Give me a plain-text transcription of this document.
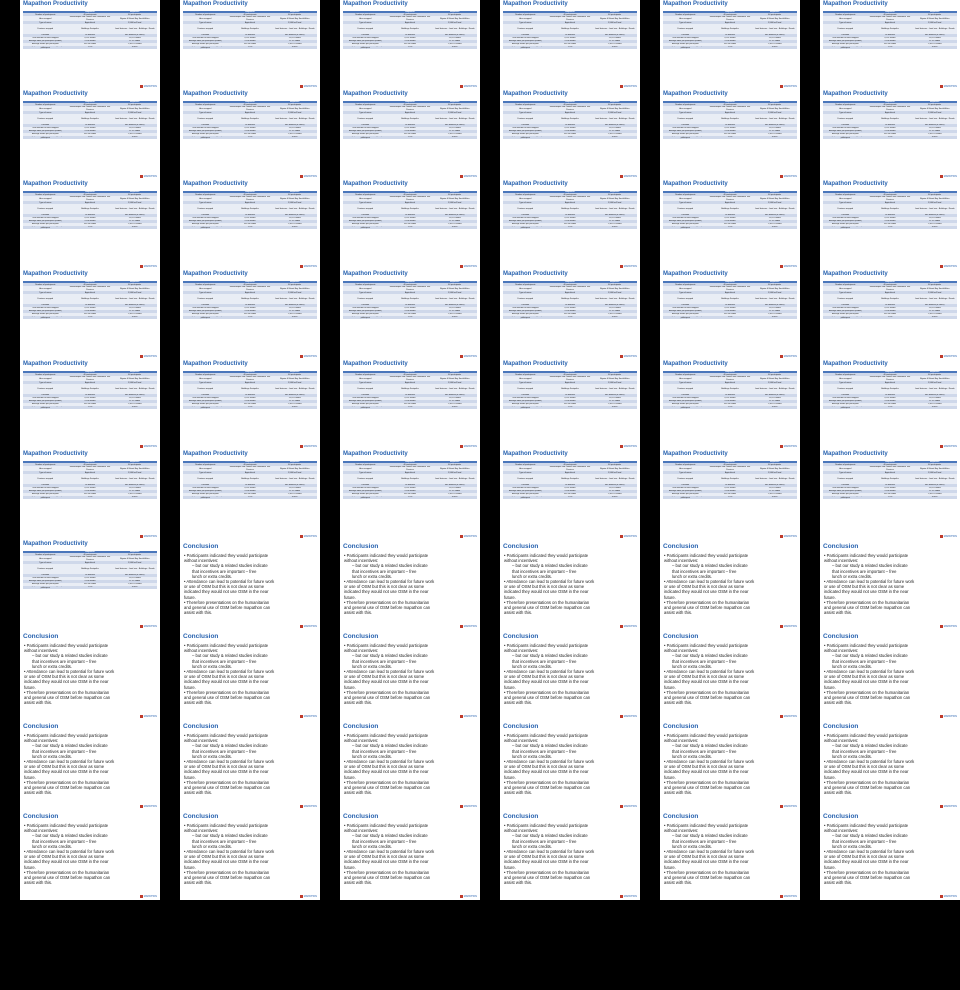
Mapathon Productivity
Mapathon	Mapathon
Number of participants	40 participants	60 participants
Area mapped
Mozambique and Zambia and Zimbabwe Tete Province
Nigeria & Mount Bay South Africa
Type of areas	Agricultural	3,500 km² land
Features mapped	Buildings Footpaths	Land features - Land use - Buildings - Roads
Duration	96 minutes	480 minutes (8 hours)
Total number of edits mapped	6,501 nodes	19,951 nodes
Average edits per participant (nodes)	91.06 nodes	97.51 nodes
Average nodes per participant	390.36 nodes	1,565.41 nodes
Average percentage of nodes mapped per participant
1.5%	0.46%
MAPATHON
Mapathon Productivity
Mapathon	Mapathon
Number of participants	40 participants	60 participants
Area mapped
Mozambique and Zambia and Zimbabwe Tete Province
Nigeria & Mount Bay South Africa
Type of areas	Agricultural	3,500 km² land
Features mapped	Buildings Footpaths	Land features - Land use - Buildings - Roads
Duration	96 minutes	480 minutes (8 hours)
Total number of edits mapped	6,501 nodes	19,951 nodes
Average edits per participant (nodes)	91.06 nodes	97.51 nodes
Average nodes per participant	390.36 nodes	1,565.41 nodes
Average percentage of nodes mapped per participant
1.5%	0.46%
MAPATHON
Mapathon Productivity
Mapathon	Mapathon
Number of participants	40 participants	60 participants
Area mapped
Mozambique and Zambia and Zimbabwe Tete Province
Nigeria & Mount Bay South Africa
Type of areas	Agricultural	3,500 km² land
Features mapped	Buildings Footpaths	Land features - Land use - Buildings - Roads
Duration	96 minutes	480 minutes (8 hours)
Total number of edits mapped	6,501 nodes	19,951 nodes
Average edits per participant (nodes)	91.06 nodes	97.51 nodes
Average nodes per participant	390.36 nodes	1,565.41 nodes
Average percentage of nodes mapped per participant
1.5%	0.46%
MAPATHON
Mapathon Productivity
Mapathon	Mapathon
Number of participants	40 participants	60 participants
Area mapped
Mozambique and Zambia and Zimbabwe Tete Province
Nigeria & Mount Bay South Africa
Type of areas	Agricultural	3,500 km² land
Features mapped	Buildings Footpaths	Land features - Land use - Buildings - Roads
Duration	96 minutes	480 minutes (8 hours)
Total number of edits mapped	6,501 nodes	19,951 nodes
Average edits per participant (nodes)	91.06 nodes	97.51 nodes
Average nodes per participant	390.36 nodes	1,565.41 nodes
Average percentage of nodes mapped per participant
1.5%	0.46%
MAPATHON
Mapathon Productivity
Mapathon	Mapathon
Number of participants	40 participants	60 participants
Area mapped
Mozambique and Zambia and Zimbabwe Tete Province
Nigeria & Mount Bay South Africa
Type of areas	Agricultural	3,500 km² land
Features mapped	Buildings Footpaths	Land features - Land use - Buildings - Roads
Duration	96 minutes	480 minutes (8 hours)
Total number of edits mapped	6,501 nodes	19,951 nodes
Average edits per participant (nodes)	91.06 nodes	97.51 nodes
Average nodes per participant	390.36 nodes	1,565.41 nodes
Average percentage of nodes mapped per participant
1.5%	0.46%
MAPATHON
Mapathon Productivity
Mapathon	Mapathon
Number of participants	40 participants	60 participants
Area mapped
Mozambique and Zambia and Zimbabwe Tete Province
Nigeria & Mount Bay South Africa
Type of areas	Agricultural	3,500 km² land
Features mapped	Buildings Footpaths	Land features - Land use - Buildings - Roads
Duration	96 minutes	480 minutes (8 hours)
Total number of edits mapped	6,501 nodes	19,951 nodes
Average edits per participant (nodes)	91.06 nodes	97.51 nodes
Average nodes per participant	390.36 nodes	1,565.41 nodes
Average percentage of nodes mapped per participant
1.5%	0.46%
MAPATHON
Mapathon Productivity
Mapathon	Mapathon
Number of participants	40 participants	60 participants
Area mapped
Mozambique and Zambia and Zimbabwe Tete Province
Nigeria & Mount Bay South Africa
Type of areas	Agricultural	3,500 km² land
Features mapped	Buildings Footpaths	Land features - Land use - Buildings - Roads
Duration	96 minutes	480 minutes (8 hours)
Total number of edits mapped	6,501 nodes	19,951 nodes
Average edits per participant (nodes)	91.06 nodes	97.51 nodes
Average nodes per participant	390.36 nodes	1,565.41 nodes
Average percentage of nodes mapped per participant
1.5%	0.46%
MAPATHON
Mapathon Productivity
Mapathon	Mapathon
Number of participants	40 participants	60 participants
Area mapped
Mozambique and Zambia and Zimbabwe Tete Province
Nigeria & Mount Bay South Africa
Type of areas	Agricultural	3,500 km² land
Features mapped	Buildings Footpaths	Land features - Land use - Buildings - Roads
Duration	96 minutes	480 minutes (8 hours)
Total number of edits mapped	6,501 nodes	19,951 nodes
Average edits per participant (nodes)	91.06 nodes	97.51 nodes
Average nodes per participant	390.36 nodes	1,565.41 nodes
Average percentage of nodes mapped per participant
1.5%	0.46%
MAPATHON
Mapathon Productivity
Mapathon	Mapathon
Number of participants	40 participants	60 participants
Area mapped
Mozambique and Zambia and Zimbabwe Tete Province
Nigeria & Mount Bay South Africa
Type of areas	Agricultural	3,500 km² land
Features mapped	Buildings Footpaths	Land features - Land use - Buildings - Roads
Duration	96 minutes	480 minutes (8 hours)
Total number of edits mapped	6,501 nodes	19,951 nodes
Average edits per participant (nodes)	91.06 nodes	97.51 nodes
Average nodes per participant	390.36 nodes	1,565.41 nodes
Average percentage of nodes mapped per participant
1.5%	0.46%
MAPATHON
Mapathon Productivity
Mapathon	Mapathon
Number of participants	40 participants	60 participants
Area mapped
Mozambique and Zambia and Zimbabwe Tete Province
Nigeria & Mount Bay South Africa
Type of areas	Agricultural	3,500 km² land
Features mapped	Buildings Footpaths	Land features - Land use - Buildings - Roads
Duration	96 minutes	480 minutes (8 hours)
Total number of edits mapped	6,501 nodes	19,951 nodes
Average edits per participant (nodes)	91.06 nodes	97.51 nodes
Average nodes per participant	390.36 nodes	1,565.41 nodes
Average percentage of nodes mapped per participant
1.5%	0.46%
MAPATHON
Mapathon Productivity
Mapathon	Mapathon
Number of participants	40 participants	60 participants
Area mapped
Mozambique and Zambia and Zimbabwe Tete Province
Nigeria & Mount Bay South Africa
Type of areas	Agricultural	3,500 km² land
Features mapped	Buildings Footpaths	Land features - Land use - Buildings - Roads
Duration	96 minutes	480 minutes (8 hours)
Total number of edits mapped	6,501 nodes	19,951 nodes
Average edits per participant (nodes)	91.06 nodes	97.51 nodes
Average nodes per participant	390.36 nodes	1,565.41 nodes
Average percentage of nodes mapped per participant
1.5%	0.46%
MAPATHON
Mapathon Productivity
Mapathon	Mapathon
Number of participants	40 participants	60 participants
Area mapped
Mozambique and Zambia and Zimbabwe Tete Province
Nigeria & Mount Bay South Africa
Type of areas	Agricultural	3,500 km² land
Features mapped	Buildings Footpaths	Land features - Land use - Buildings - Roads
Duration	96 minutes	480 minutes (8 hours)
Total number of edits mapped	6,501 nodes	19,951 nodes
Average edits per participant (nodes)	91.06 nodes	97.51 nodes
Average nodes per participant	390.36 nodes	1,565.41 nodes
Average percentage of nodes mapped per participant
1.5%	0.46%
MAPATHON
Mapathon Productivity
Mapathon	Mapathon
Number of participants	40 participants	60 participants
Area mapped
Mozambique and Zambia and Zimbabwe Tete Province
Nigeria & Mount Bay South Africa
Type of areas	Agricultural	3,500 km² land
Features mapped	Buildings Footpaths	Land features - Land use - Buildings - Roads
Duration	96 minutes	480 minutes (8 hours)
Total number of edits mapped	6,501 nodes	19,951 nodes
Average edits per participant (nodes)	91.06 nodes	97.51 nodes
Average nodes per participant	390.36 nodes	1,565.41 nodes
Average percentage of nodes mapped per participant
1.5%	0.46%
MAPATHON
Mapathon Productivity
Mapathon	Mapathon
Number of participants	40 participants	60 participants
Area mapped
Mozambique and Zambia and Zimbabwe Tete Province
Nigeria & Mount Bay South Africa
Type of areas	Agricultural	3,500 km² land
Features mapped	Buildings Footpaths	Land features - Land use - Buildings - Roads
Duration	96 minutes	480 minutes (8 hours)
Total number of edits mapped	6,501 nodes	19,951 nodes
Average edits per participant (nodes)	91.06 nodes	97.51 nodes
Average nodes per participant	390.36 nodes	1,565.41 nodes
Average percentage of nodes mapped per participant
1.5%	0.46%
MAPATHON
Mapathon Productivity
Mapathon	Mapathon
Number of participants	40 participants	60 participants
Area mapped
Mozambique and Zambia and Zimbabwe Tete Province
Nigeria & Mount Bay South Africa
Type of areas	Agricultural	3,500 km² land
Features mapped	Buildings Footpaths	Land features - Land use - Buildings - Roads
Duration	96 minutes	480 minutes (8 hours)
Total number of edits mapped	6,501 nodes	19,951 nodes
Average edits per participant (nodes)	91.06 nodes	97.51 nodes
Average nodes per participant	390.36 nodes	1,565.41 nodes
Average percentage of nodes mapped per participant
1.5%	0.46%
MAPATHON
Mapathon Productivity
Mapathon	Mapathon
Number of participants	40 participants	60 participants
Area mapped
Mozambique and Zambia and Zimbabwe Tete Province
Nigeria & Mount Bay South Africa
Type of areas	Agricultural	3,500 km² land
Features mapped	Buildings Footpaths	Land features - Land use - Buildings - Roads
Duration	96 minutes	480 minutes (8 hours)
Total number of edits mapped	6,501 nodes	19,951 nodes
Average edits per participant (nodes)	91.06 nodes	97.51 nodes
Average nodes per participant	390.36 nodes	1,565.41 nodes
Average percentage of nodes mapped per participant
1.5%	0.46%
MAPATHON
Mapathon Productivity
Mapathon	Mapathon
Number of participants	40 participants	60 participants
Area mapped
Mozambique and Zambia and Zimbabwe Tete Province
Nigeria & Mount Bay South Africa
Type of areas	Agricultural	3,500 km² land
Features mapped	Buildings Footpaths	Land features - Land use - Buildings - Roads
Duration	96 minutes	480 minutes (8 hours)
Total number of edits mapped	6,501 nodes	19,951 nodes
Average edits per participant (nodes)	91.06 nodes	97.51 nodes
Average nodes per participant	390.36 nodes	1,565.41 nodes
Average percentage of nodes mapped per participant
1.5%	0.46%
MAPATHON
Mapathon Productivity
Mapathon	Mapathon
Number of participants	40 participants	60 participants
Area mapped
Mozambique and Zambia and Zimbabwe Tete Province
Nigeria & Mount Bay South Africa
Type of areas	Agricultural	3,500 km² land
Features mapped	Buildings Footpaths	Land features - Land use - Buildings - Roads
Duration	96 minutes	480 minutes (8 hours)
Total number of edits mapped	6,501 nodes	19,951 nodes
Average edits per participant (nodes)	91.06 nodes	97.51 nodes
Average nodes per participant	390.36 nodes	1,565.41 nodes
Average percentage of nodes mapped per participant
1.5%	0.46%
MAPATHON
Mapathon Productivity
Mapathon	Mapathon
Number of participants	40 participants	60 participants
Area mapped
Mozambique and Zambia and Zimbabwe Tete Province
Nigeria & Mount Bay South Africa
Type of areas	Agricultural	3,500 km² land
Features mapped	Buildings Footpaths	Land features - Land use - Buildings - Roads
Duration	96 minutes	480 minutes (8 hours)
Total number of edits mapped	6,501 nodes	19,951 nodes
Average edits per participant (nodes)	91.06 nodes	97.51 nodes
Average nodes per participant	390.36 nodes	1,565.41 nodes
Average percentage of nodes mapped per participant
1.5%	0.46%
MAPATHON
Mapathon Productivity
Mapathon	Mapathon
Number of participants	40 participants	60 participants
Area mapped
Mozambique and Zambia and Zimbabwe Tete Province
Nigeria & Mount Bay South Africa
Type of areas	Agricultural	3,500 km² land
Features mapped	Buildings Footpaths	Land features - Land use - Buildings - Roads
Duration	96 minutes	480 minutes (8 hours)
Total number of edits mapped	6,501 nodes	19,951 nodes
Average edits per participant (nodes)	91.06 nodes	97.51 nodes
Average nodes per participant	390.36 nodes	1,565.41 nodes
Average percentage of nodes mapped per participant
1.5%	0.46%
MAPATHON
Mapathon Productivity
Mapathon	Mapathon
Number of participants	40 participants	60 participants
Area mapped
Mozambique and Zambia and Zimbabwe Tete Province
Nigeria & Mount Bay South Africa
Type of areas	Agricultural	3,500 km² land
Features mapped	Buildings Footpaths	Land features - Land use - Buildings - Roads
Duration	96 minutes	480 minutes (8 hours)
Total number of edits mapped	6,501 nodes	19,951 nodes
Average edits per participant (nodes)	91.06 nodes	97.51 nodes
Average nodes per participant	390.36 nodes	1,565.41 nodes
Average percentage of nodes mapped per participant
1.5%	0.46%
MAPATHON
Mapathon Productivity
Mapathon	Mapathon
Number of participants	40 participants	60 participants
Area mapped
Mozambique and Zambia and Zimbabwe Tete Province
Nigeria & Mount Bay South Africa
Type of areas	Agricultural	3,500 km² land
Features mapped	Buildings Footpaths	Land features - Land use - Buildings - Roads
Duration	96 minutes	480 minutes (8 hours)
Total number of edits mapped	6,501 nodes	19,951 nodes
Average edits per participant (nodes)	91.06 nodes	97.51 nodes
Average nodes per participant	390.36 nodes	1,565.41 nodes
Average percentage of nodes mapped per participant
1.5%	0.46%
MAPATHON
Mapathon Productivity
Mapathon	Mapathon
Number of participants	40 participants	60 participants
Area mapped
Mozambique and Zambia and Zimbabwe Tete Province
Nigeria & Mount Bay South Africa
Type of areas	Agricultural	3,500 km² land
Features mapped	Buildings Footpaths	Land features - Land use - Buildings - Roads
Duration	96 minutes	480 minutes (8 hours)
Total number of edits mapped	6,501 nodes	19,951 nodes
Average edits per participant (nodes)	91.06 nodes	97.51 nodes
Average nodes per participant	390.36 nodes	1,565.41 nodes
Average percentage of nodes mapped per participant
1.5%	0.46%
MAPATHON
Mapathon Productivity
Mapathon	Mapathon
Number of participants	40 participants	60 participants
Area mapped
Mozambique and Zambia and Zimbabwe Tete Province
Nigeria & Mount Bay South Africa
Type of areas	Agricultural	3,500 km² land
Features mapped	Buildings Footpaths	Land features - Land use - Buildings - Roads
Duration	96 minutes	480 minutes (8 hours)
Total number of edits mapped	6,501 nodes	19,951 nodes
Average edits per participant (nodes)	91.06 nodes	97.51 nodes
Average nodes per participant	390.36 nodes	1,565.41 nodes
Average percentage of nodes mapped per participant
1.5%	0.46%
MAPATHON
Mapathon Productivity
Mapathon	Mapathon
Number of participants	40 participants	60 participants
Area mapped
Mozambique and Zambia and Zimbabwe Tete Province
Nigeria & Mount Bay South Africa
Type of areas	Agricultural	3,500 km² land
Features mapped	Buildings Footpaths	Land features - Land use - Buildings - Roads
Duration	96 minutes	480 minutes (8 hours)
Total number of edits mapped	6,501 nodes	19,951 nodes
Average edits per participant (nodes)	91.06 nodes	97.51 nodes
Average nodes per participant	390.36 nodes	1,565.41 nodes
Average percentage of nodes mapped per participant
1.5%	0.46%
MAPATHON
Mapathon Productivity
Mapathon	Mapathon
Number of participants	40 participants	60 participants
Area mapped
Mozambique and Zambia and Zimbabwe Tete Province
Nigeria & Mount Bay South Africa
Type of areas	Agricultural	3,500 km² land
Features mapped	Buildings Footpaths	Land features - Land use - Buildings - Roads
Duration	96 minutes	480 minutes (8 hours)
Total number of edits mapped	6,501 nodes	19,951 nodes
Average edits per participant (nodes)	91.06 nodes	97.51 nodes
Average nodes per participant	390.36 nodes	1,565.41 nodes
Average percentage of nodes mapped per participant
1.5%	0.46%
MAPATHON
Mapathon Productivity
Mapathon	Mapathon
Number of participants	40 participants	60 participants
Area mapped
Mozambique and Zambia and Zimbabwe Tete Province
Nigeria & Mount Bay South Africa
Type of areas	Agricultural	3,500 km² land
Features mapped	Buildings Footpaths	Land features - Land use - Buildings - Roads
Duration	96 minutes	480 minutes (8 hours)
Total number of edits mapped	6,501 nodes	19,951 nodes
Average edits per participant (nodes)	91.06 nodes	97.51 nodes
Average nodes per participant	390.36 nodes	1,565.41 nodes
Average percentage of nodes mapped per participant
1.5%	0.46%
MAPATHON
Mapathon Productivity
Mapathon	Mapathon
Number of participants	40 participants	60 participants
Area mapped
Mozambique and Zambia and Zimbabwe Tete Province
Nigeria & Mount Bay South Africa
Type of areas	Agricultural	3,500 km² land
Features mapped	Buildings Footpaths	Land features - Land use - Buildings - Roads
Duration	96 minutes	480 minutes (8 hours)
Total number of edits mapped	6,501 nodes	19,951 nodes
Average edits per participant (nodes)	91.06 nodes	97.51 nodes
Average nodes per participant	390.36 nodes	1,565.41 nodes
Average percentage of nodes mapped per participant
1.5%	0.46%
MAPATHON
Mapathon Productivity
Mapathon	Mapathon
Number of participants	40 participants	60 participants
Area mapped
Mozambique and Zambia and Zimbabwe Tete Province
Nigeria & Mount Bay South Africa
Type of areas	Agricultural	3,500 km² land
Features mapped	Buildings Footpaths	Land features - Land use - Buildings - Roads
Duration	96 minutes	480 minutes (8 hours)
Total number of edits mapped	6,501 nodes	19,951 nodes
Average edits per participant (nodes)	91.06 nodes	97.51 nodes
Average nodes per participant	390.36 nodes	1,565.41 nodes
Average percentage of nodes mapped per participant
1.5%	0.46%
MAPATHON
Mapathon Productivity
Mapathon	Mapathon
Number of participants	40 participants	60 participants
Area mapped
Mozambique and Zambia and Zimbabwe Tete Province
Nigeria & Mount Bay South Africa
Type of areas	Agricultural	3,500 km² land
Features mapped	Buildings Footpaths	Land features - Land use - Buildings - Roads
Duration	96 minutes	480 minutes (8 hours)
Total number of edits mapped	6,501 nodes	19,951 nodes
Average edits per participant (nodes)	91.06 nodes	97.51 nodes
Average nodes per participant	390.36 nodes	1,565.41 nodes
Average percentage of nodes mapped per participant
1.5%	0.46%
MAPATHON
Mapathon Productivity
Mapathon	Mapathon
Number of participants	40 participants	60 participants
Area mapped
Mozambique and Zambia and Zimbabwe Tete Province
Nigeria & Mount Bay South Africa
Type of areas	Agricultural	3,500 km² land
Features mapped	Buildings Footpaths	Land features - Land use - Buildings - Roads
Duration	96 minutes	480 minutes (8 hours)
Total number of edits mapped	6,501 nodes	19,951 nodes
Average edits per participant (nodes)	91.06 nodes	97.51 nodes
Average nodes per participant	390.36 nodes	1,565.41 nodes
Average percentage of nodes mapped per participant
1.5%	0.46%
MAPATHON
Mapathon Productivity
Mapathon	Mapathon
Number of participants	40 participants	60 participants
Area mapped
Mozambique and Zambia and Zimbabwe Tete Province
Nigeria & Mount Bay South Africa
Type of areas	Agricultural	3,500 km² land
Features mapped	Buildings Footpaths	Land features - Land use - Buildings - Roads
Duration	96 minutes	480 minutes (8 hours)
Total number of edits mapped	6,501 nodes	19,951 nodes
Average edits per participant (nodes)	91.06 nodes	97.51 nodes
Average nodes per participant	390.36 nodes	1,565.41 nodes
Average percentage of nodes mapped per participant
1.5%	0.46%
MAPATHON
Mapathon Productivity
Mapathon	Mapathon
Number of participants	40 participants	60 participants
Area mapped
Mozambique and Zambia and Zimbabwe Tete Province
Nigeria & Mount Bay South Africa
Type of areas	Agricultural	3,500 km² land
Features mapped	Buildings Footpaths	Land features - Land use - Buildings - Roads
Duration	96 minutes	480 minutes (8 hours)
Total number of edits mapped	6,501 nodes	19,951 nodes
Average edits per participant (nodes)	91.06 nodes	97.51 nodes
Average nodes per participant	390.36 nodes	1,565.41 nodes
Average percentage of nodes mapped per participant
1.5%	0.46%
MAPATHON
Mapathon Productivity
Mapathon	Mapathon
Number of participants	40 participants	60 participants
Area mapped
Mozambique and Zambia and Zimbabwe Tete Province
Nigeria & Mount Bay South Africa
Type of areas	Agricultural	3,500 km² land
Features mapped	Buildings Footpaths	Land features - Land use - Buildings - Roads
Duration	96 minutes	480 minutes (8 hours)
Total number of edits mapped	6,501 nodes	19,951 nodes
Average edits per participant (nodes)	91.06 nodes	97.51 nodes
Average nodes per participant	390.36 nodes	1,565.41 nodes
Average percentage of nodes mapped per participant
1.5%	0.46%
MAPATHON
Mapathon Productivity
Mapathon	Mapathon
Number of participants	40 participants	60 participants
Area mapped
Mozambique and Zambia and Zimbabwe Tete Province
Nigeria & Mount Bay South Africa
Type of areas	Agricultural	3,500 km² land
Features mapped	Buildings Footpaths	Land features - Land use - Buildings - Roads
Duration	96 minutes	480 minutes (8 hours)
Total number of edits mapped	6,501 nodes	19,951 nodes
Average edits per participant (nodes)	91.06 nodes	97.51 nodes
Average nodes per participant	390.36 nodes	1,565.41 nodes
Average percentage of nodes mapped per participant
1.5%	0.46%
MAPATHON
Mapathon Productivity
Mapathon	Mapathon
Number of participants	40 participants	60 participants
Area mapped
Mozambique and Zambia and Zimbabwe Tete Province
Nigeria & Mount Bay South Africa
Type of areas	Agricultural	3,500 km² land
Features mapped	Buildings Footpaths	Land features - Land use - Buildings - Roads
Duration	96 minutes	480 minutes (8 hours)
Total number of edits mapped	6,501 nodes	19,951 nodes
Average edits per participant (nodes)	91.06 nodes	97.51 nodes
Average nodes per participant	390.36 nodes	1,565.41 nodes
Average percentage of nodes mapped per participant
1.5%	0.46%
MAPATHON
Mapathon Productivity
Mapathon	Mapathon
Number of participants	40 participants	60 participants
Area mapped
Mozambique and Zambia and Zimbabwe Tete Province
Nigeria & Mount Bay South Africa
Type of areas	Agricultural	3,500 km² land
Features mapped	Buildings Footpaths	Land features - Land use - Buildings - Roads
Duration	96 minutes	480 minutes (8 hours)
Total number of edits mapped	6,501 nodes	19,951 nodes
Average edits per participant (nodes)	91.06 nodes	97.51 nodes
Average nodes per participant	390.36 nodes	1,565.41 nodes
Average percentage of nodes mapped per participant
1.5%	0.46%
MAPATHON
Conclusion
• Participants indicated they would participate
without incentives:
– but our study & related studies indicate
that incentives are important – free
lunch or extra credits.
• Attendance can lead to potential for future work
or use of OSM but this is not clear as some
indicated they would not use OSM in the near
future.
• Therefore presentations on the humanitarian
and general use of OSM before mapathon can
assist with this.
MAPATHON
Conclusion
• Participants indicated they would participate
without incentives:
– but our study & related studies indicate
that incentives are important – free
lunch or extra credits.
• Attendance can lead to potential for future work
or use of OSM but this is not clear as some
indicated they would not use OSM in the near
future.
• Therefore presentations on the humanitarian
and general use of OSM before mapathon can
assist with this.
MAPATHON
Conclusion
• Participants indicated they would participate
without incentives:
– but our study & related studies indicate
that incentives are important – free
lunch or extra credits.
• Attendance can lead to potential for future work
or use of OSM but this is not clear as some
indicated they would not use OSM in the near
future.
• Therefore presentations on the humanitarian
and general use of OSM before mapathon can
assist with this.
MAPATHON
Conclusion
• Participants indicated they would participate
without incentives:
– but our study & related studies indicate
that incentives are important – free
lunch or extra credits.
• Attendance can lead to potential for future work
or use of OSM but this is not clear as some
indicated they would not use OSM in the near
future.
• Therefore presentations on the humanitarian
and general use of OSM before mapathon can
assist with this.
MAPATHON
Conclusion
• Participants indicated they would participate
without incentives:
– but our study & related studies indicate
that incentives are important – free
lunch or extra credits.
• Attendance can lead to potential for future work
or use of OSM but this is not clear as some
indicated they would not use OSM in the near
future.
• Therefore presentations on the humanitarian
and general use of OSM before mapathon can
assist with this.
MAPATHON
Conclusion
• Participants indicated they would participate
without incentives:
– but our study & related studies indicate
that incentives are important – free
lunch or extra credits.
• Attendance can lead to potential for future work
or use of OSM but this is not clear as some
indicated they would not use OSM in the near
future.
• Therefore presentations on the humanitarian
and general use of OSM before mapathon can
assist with this.
MAPATHON
Conclusion
• Participants indicated they would participate
without incentives:
– but our study & related studies indicate
that incentives are important – free
lunch or extra credits.
• Attendance can lead to potential for future work
or use of OSM but this is not clear as some
indicated they would not use OSM in the near
future.
• Therefore presentations on the humanitarian
and general use of OSM before mapathon can
assist with this.
MAPATHON
Conclusion
• Participants indicated they would participate
without incentives:
– but our study & related studies indicate
that incentives are important – free
lunch or extra credits.
• Attendance can lead to potential for future work
or use of OSM but this is not clear as some
indicated they would not use OSM in the near
future.
• Therefore presentations on the humanitarian
and general use of OSM before mapathon can
assist with this.
MAPATHON
Conclusion
• Participants indicated they would participate
without incentives:
– but our study & related studies indicate
that incentives are important – free
lunch or extra credits.
• Attendance can lead to potential for future work
or use of OSM but this is not clear as some
indicated they would not use OSM in the near
future.
• Therefore presentations on the humanitarian
and general use of OSM before mapathon can
assist with this.
MAPATHON
Conclusion
• Participants indicated they would participate
without incentives:
– but our study & related studies indicate
that incentives are important – free
lunch or extra credits.
• Attendance can lead to potential for future work
or use of OSM but this is not clear as some
indicated they would not use OSM in the near
future.
• Therefore presentations on the humanitarian
and general use of OSM before mapathon can
assist with this.
MAPATHON
Conclusion
• Participants indicated they would participate
without incentives:
– but our study & related studies indicate
that incentives are important – free
lunch or extra credits.
• Attendance can lead to potential for future work
or use of OSM but this is not clear as some
indicated they would not use OSM in the near
future.
• Therefore presentations on the humanitarian
and general use of OSM before mapathon can
assist with this.
MAPATHON
Conclusion
• Participants indicated they would participate
without incentives:
– but our study & related studies indicate
that incentives are important – free
lunch or extra credits.
• Attendance can lead to potential for future work
or use of OSM but this is not clear as some
indicated they would not use OSM in the near
future.
• Therefore presentations on the humanitarian
and general use of OSM before mapathon can
assist with this.
MAPATHON
Conclusion
• Participants indicated they would participate
without incentives:
– but our study & related studies indicate
that incentives are important – free
lunch or extra credits.
• Attendance can lead to potential for future work
or use of OSM but this is not clear as some
indicated they would not use OSM in the near
future.
• Therefore presentations on the humanitarian
and general use of OSM before mapathon can
assist with this.
MAPATHON
Conclusion
• Participants indicated they would participate
without incentives:
– but our study & related studies indicate
that incentives are important – free
lunch or extra credits.
• Attendance can lead to potential for future work
or use of OSM but this is not clear as some
indicated they would not use OSM in the near
future.
• Therefore presentations on the humanitarian
and general use of OSM before mapathon can
assist with this.
MAPATHON
Conclusion
• Participants indicated they would participate
without incentives:
– but our study & related studies indicate
that incentives are important – free
lunch or extra credits.
• Attendance can lead to potential for future work
or use of OSM but this is not clear as some
indicated they would not use OSM in the near
future.
• Therefore presentations on the humanitarian
and general use of OSM before mapathon can
assist with this.
MAPATHON
Conclusion
• Participants indicated they would participate
without incentives:
– but our study & related studies indicate
that incentives are important – free
lunch or extra credits.
• Attendance can lead to potential for future work
or use of OSM but this is not clear as some
indicated they would not use OSM in the near
future.
• Therefore presentations on the humanitarian
and general use of OSM before mapathon can
assist with this.
MAPATHON
Conclusion
• Participants indicated they would participate
without incentives:
– but our study & related studies indicate
that incentives are important – free
lunch or extra credits.
• Attendance can lead to potential for future work
or use of OSM but this is not clear as some
indicated they would not use OSM in the near
future.
• Therefore presentations on the humanitarian
and general use of OSM before mapathon can
assist with this.
MAPATHON
Conclusion
• Participants indicated they would participate
without incentives:
– but our study & related studies indicate
that incentives are important – free
lunch or extra credits.
• Attendance can lead to potential for future work
or use of OSM but this is not clear as some
indicated they would not use OSM in the near
future.
• Therefore presentations on the humanitarian
and general use of OSM before mapathon can
assist with this.
MAPATHON
Conclusion
• Participants indicated they would participate
without incentives:
– but our study & related studies indicate
that incentives are important – free
lunch or extra credits.
• Attendance can lead to potential for future work
or use of OSM but this is not clear as some
indicated they would not use OSM in the near
future.
• Therefore presentations on the humanitarian
and general use of OSM before mapathon can
assist with this.
MAPATHON
Conclusion
• Participants indicated they would participate
without incentives:
– but our study & related studies indicate
that incentives are important – free
lunch or extra credits.
• Attendance can lead to potential for future work
or use of OSM but this is not clear as some
indicated they would not use OSM in the near
future.
• Therefore presentations on the humanitarian
and general use of OSM before mapathon can
assist with this.
MAPATHON
Conclusion
• Participants indicated they would participate
without incentives:
– but our study & related studies indicate
that incentives are important – free
lunch or extra credits.
• Attendance can lead to potential for future work
or use of OSM but this is not clear as some
indicated they would not use OSM in the near
future.
• Therefore presentations on the humanitarian
and general use of OSM before mapathon can
assist with this.
MAPATHON
Conclusion
• Participants indicated they would participate
without incentives:
– but our study & related studies indicate
that incentives are important – free
lunch or extra credits.
• Attendance can lead to potential for future work
or use of OSM but this is not clear as some
indicated they would not use OSM in the near
future.
• Therefore presentations on the humanitarian
and general use of OSM before mapathon can
assist with this.
MAPATHON
Conclusion
• Participants indicated they would participate
without incentives:
– but our study & related studies indicate
that incentives are important – free
lunch or extra credits.
• Attendance can lead to potential for future work
or use of OSM but this is not clear as some
indicated they would not use OSM in the near
future.
• Therefore presentations on the humanitarian
and general use of OSM before mapathon can
assist with this.
MAPATHON
